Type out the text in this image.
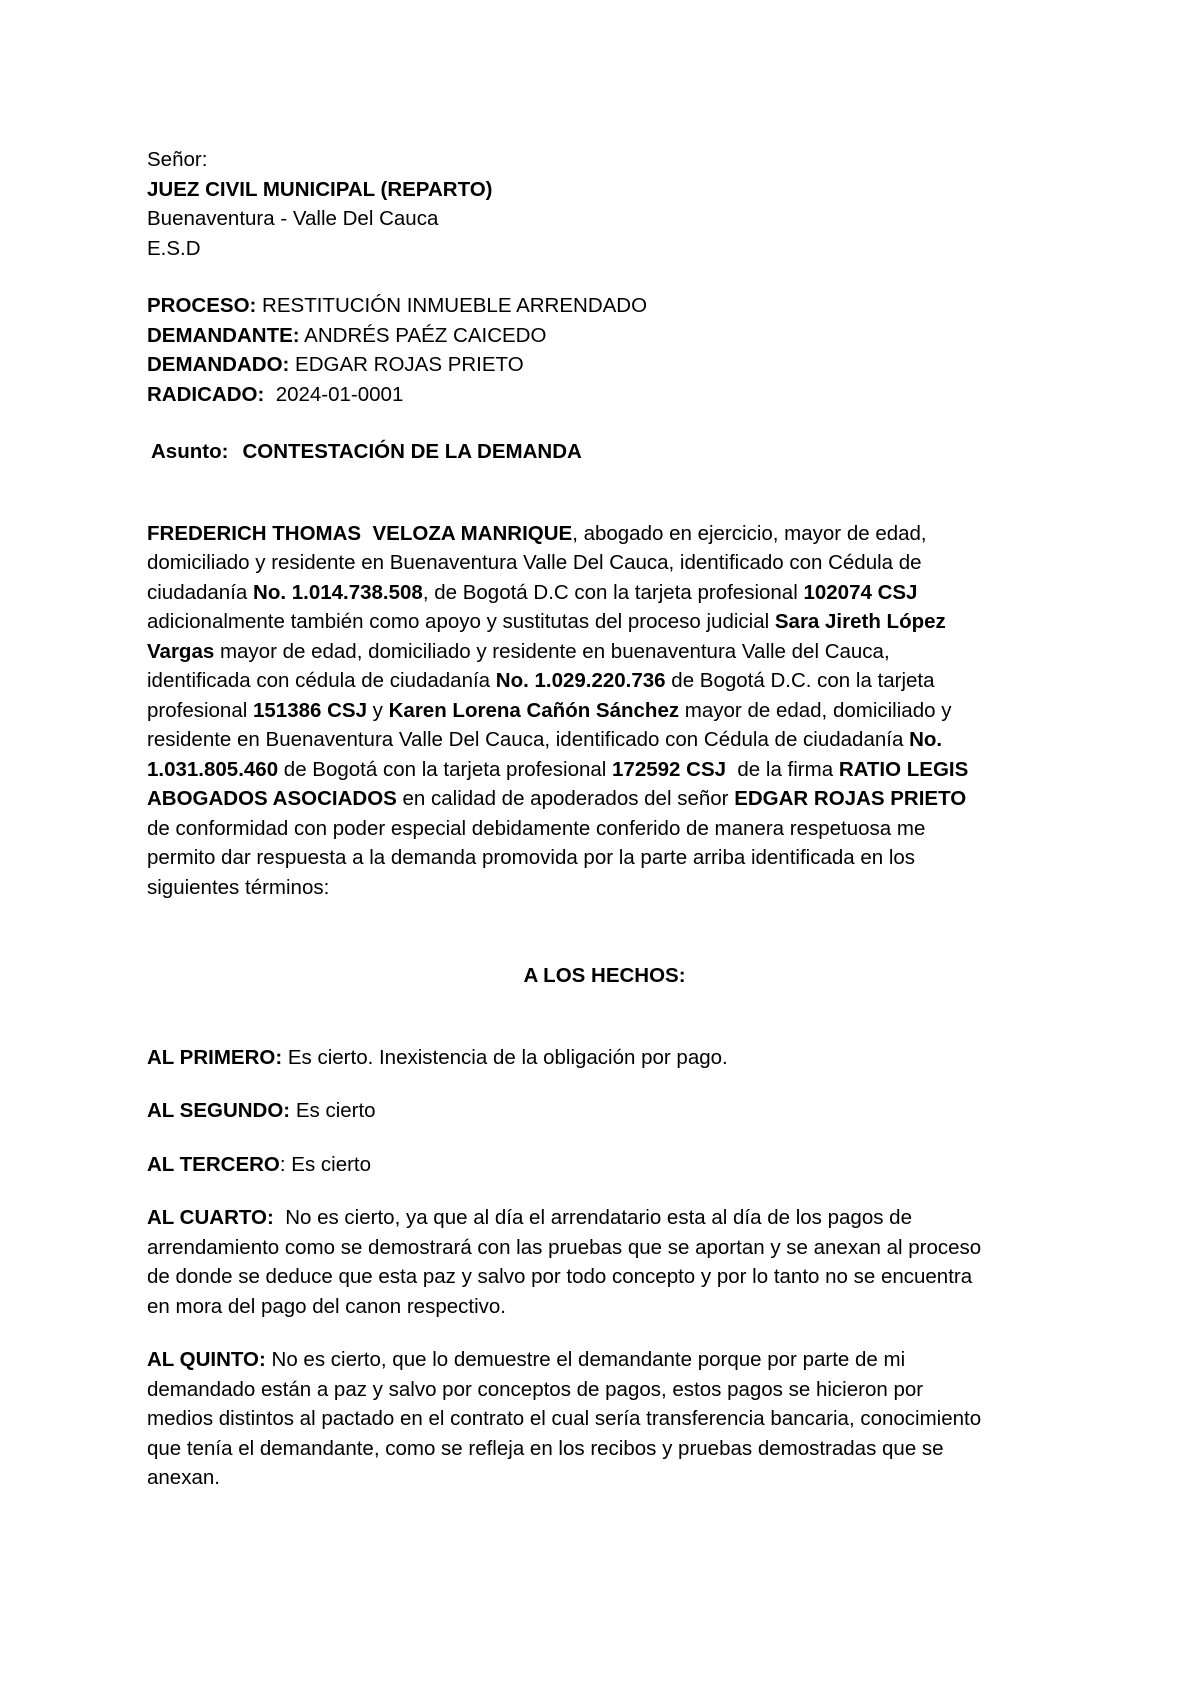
Señor:
JUEZ CIVIL MUNICIPAL (REPARTO)
Buenaventura - Valle Del Cauca
E.S.D
PROCESO: RESTITUCIÓN INMUEBLE ARRENDADO
DEMANDANTE: ANDRÉS PAÉZ CAICEDO
DEMANDADO: EDGAR ROJAS PRIETO
RADICADO:  2024-01-0001
Asunto: CONTESTACIÓN DE LA DEMANDA
FREDERICH THOMAS  VELOZA MANRIQUE, abogado en ejercicio, mayor de edad,
domiciliado y residente en Buenaventura Valle Del Cauca, identificado con Cédula de
ciudadanía No. 1.014.738.508, de Bogotá D.C con la tarjeta profesional 102074 CSJ
adicionalmente también como apoyo y sustitutas del proceso judicial Sara Jireth López
Vargas mayor de edad, domiciliado y residente en buenaventura Valle del Cauca,
identificada con cédula de ciudadanía No. 1.029.220.736 de Bogotá D.C. con la tarjeta
profesional 151386 CSJ y Karen Lorena Cañón Sánchez mayor de edad, domiciliado y
residente en Buenaventura Valle Del Cauca, identificado con Cédula de ciudadanía No.
1.031.805.460 de Bogotá con la tarjeta profesional 172592 CSJ  de la firma RATIO LEGIS
ABOGADOS ASOCIADOS en calidad de apoderados del señor EDGAR ROJAS PRIETO
de conformidad con poder especial debidamente conferido de manera respetuosa me
permito dar respuesta a la demanda promovida por la parte arriba identificada en los
siguientes términos:
A LOS HECHOS:
AL PRIMERO: Es cierto. Inexistencia de la obligación por pago.
AL SEGUNDO: Es cierto
AL TERCERO: Es cierto
AL CUARTO:  No es cierto, ya que al día el arrendatario esta al día de los pagos de
arrendamiento como se demostrará con las pruebas que se aportan y se anexan al proceso
de donde se deduce que esta paz y salvo por todo concepto y por lo tanto no se encuentra
en mora del pago del canon respectivo.
AL QUINTO: No es cierto, que lo demuestre el demandante porque por parte de mi
demandado están a paz y salvo por conceptos de pagos, estos pagos se hicieron por
medios distintos al pactado en el contrato el cual sería transferencia bancaria, conocimiento
que tenía el demandante, como se refleja en los recibos y pruebas demostradas que se
anexan.
